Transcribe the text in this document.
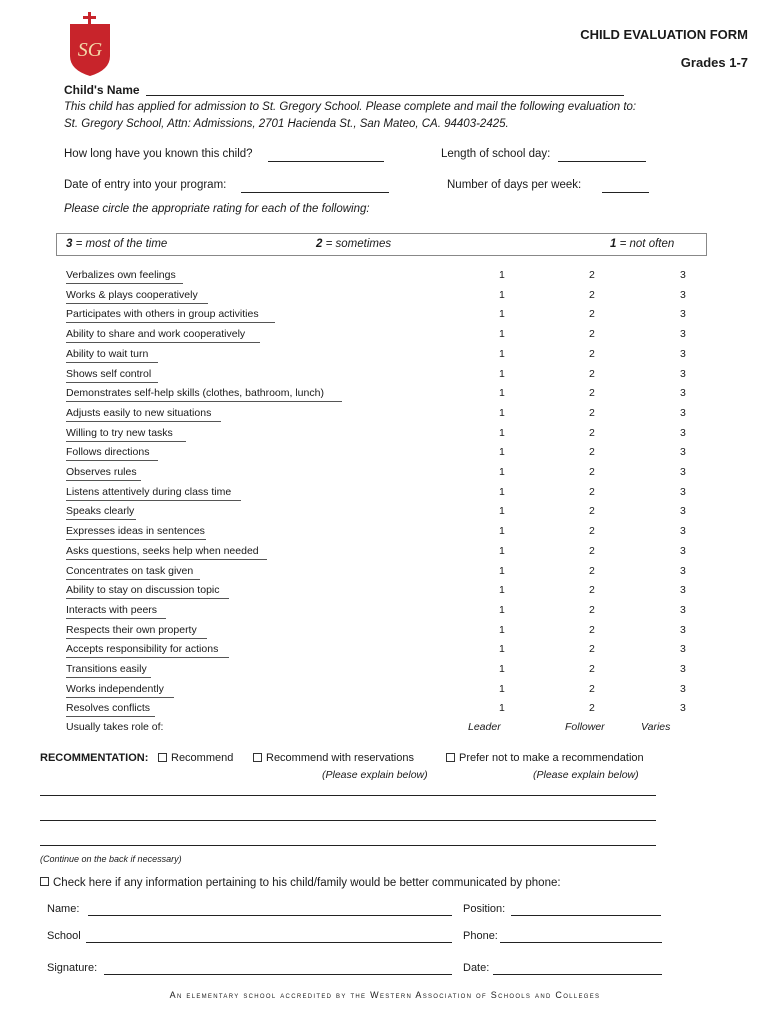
SG
CHILD EVALUATION FORM
Grades 1-7
Child's Name
This child has applied for admission to St. Gregory School. Please complete and mail the following evaluation to:
St. Gregory School, Attn: Admissions, 2701 Hacienda St., San Mateo, CA. 94403-2425.
How long have you known this child?	Length of school day:
Date of entry into your program:	Number of days per week:
Please circle the appropriate rating for each of the following:
3 = most of the time	2 = sometimes	1 = not often
Verbalizes own feelings	1	2	3
Works & plays cooperatively	1	2	3
Participates with others in group activities	1	2	3
Ability to share and work cooperatively	1	2	3
Ability to wait turn	1	2	3
Shows self control	1	2	3
Demonstrates self-help skills (clothes, bathroom, lunch)	1	2	3
Adjusts easily to new situations	1	2	3
Willing to try new tasks	1	2	3
Follows directions	1	2	3
Observes rules	1	2	3
Listens attentively during class time	1	2	3
Speaks clearly	1	2	3
Expresses ideas in sentences	1	2	3
Asks questions, seeks help when needed	1	2	3
Concentrates on task given	1	2	3
Ability to stay on discussion topic	1	2	3
Interacts with peers	1	2	3
Respects their own property	1	2	3
Accepts responsibility for actions	1	2	3
Transitions easily	1	2	3
Works independently	1	2	3
Resolves conflicts	1	2	3
Usually takes role of:	Leader	Follower	Varies
RECOMMENTATION:	Recommend	Recommend with reservations	Prefer not to make a recommendation
(Please explain below)	(Please explain below)
(Continue on the back if necessary)
Check here if any information pertaining to his child/family would be better communicated by phone:
Name:	Position:
School	Phone:
Signature:	Date:
An elementary school accredited by the Western Association of Schools and Colleges
